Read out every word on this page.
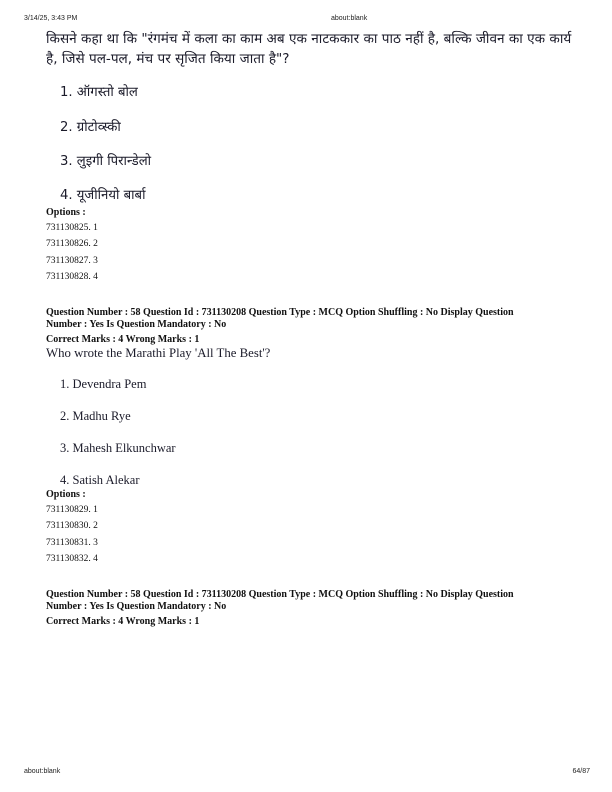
3/14/25, 3:43 PM	about:blank
किसने कहा था कि "रंगमंच में कला का काम अब एक नाटककार का पाठ नहीं है, बल्कि जीवन का एक कार्य है, जिसे पल-पल, मंच पर सृजित किया जाता है"?
1. ऑगस्तो बोल
2. ग्रोटोव्स्की
3. लुइगी पिरान्डेलो
4. यूजीनियो बार्बा
Options :
731130825. 1
731130826. 2
731130827. 3
731130828. 4
Question Number : 58 Question Id : 731130208 Question Type : MCQ Option Shuffling : No Display Question
Number : Yes Is Question Mandatory : No
Correct Marks : 4 Wrong Marks : 1
Who wrote the Marathi Play 'All The Best'?
1. Devendra Pem
2. Madhu Rye
3. Mahesh Elkunchwar
4. Satish Alekar
Options :
731130829. 1
731130830. 2
731130831. 3
731130832. 4
Question Number : 58 Question Id : 731130208 Question Type : MCQ Option Shuffling : No Display Question
Number : Yes Is Question Mandatory : No
Correct Marks : 4 Wrong Marks : 1
about:blank	64/87
